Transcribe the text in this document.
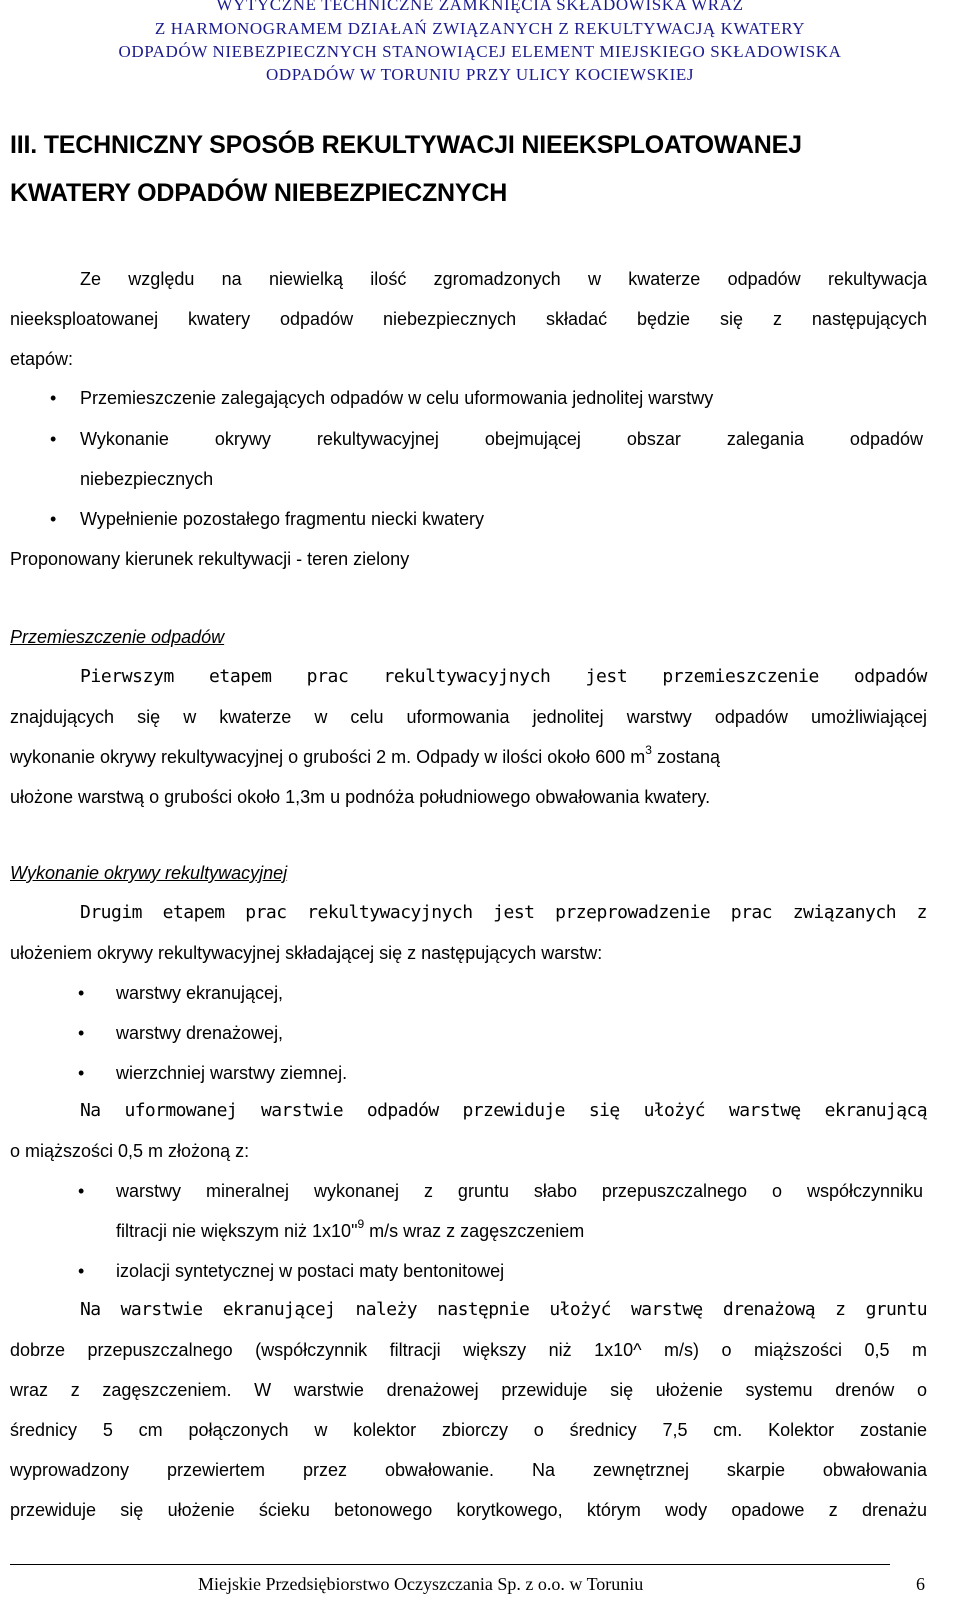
WYTYCZNE TECHNICZNE ZAMKNIĘCIA SKŁADOWISKA WRAZ
Z HARMONOGRAMEM DZIAŁAŃ ZWIĄZANYCH Z REKULTYWACJĄ KWATERY
ODPADÓW NIEBEZPIECZNYCH STANOWIĄCEJ ELEMENT MIEJSKIEGO SKŁADOWISKA
ODPADÓW W TORUNIU PRZY ULICY KOCIEWSKIEJ
III. TECHNICZNY SPOSÓB REKULTYWACJI NIEEKSPLOATOWANEJ
KWATERY ODPADÓW NIEBEZPIECZNYCH
Ze względu na niewielką ilość zgromadzonych w kwaterze odpadów rekultywacja
nieeksploatowanej kwatery odpadów niebezpiecznych składać będzie się z następujących
etapów:
• Przemieszczenie zalegających odpadów w celu uformowania jednolitej warstwy
• Wykonanie okrywy rekultywacyjnej obejmującej obszar zalegania odpadów
niebezpiecznych
• Wypełnienie pozostałego fragmentu niecki kwatery
Proponowany kierunek rekultywacji - teren zielony
Przemieszczenie odpadów
Pierwszym etapem prac rekultywacyjnych jest przemieszczenie odpadów
znajdujących się w kwaterze w celu uformowania jednolitej warstwy odpadów umożliwiającej
wykonanie okrywy rekultywacyjnej o grubości 2 m. Odpady w ilości około 600 $m^3$ zostaną
ułożone warstwą o grubości około 1,3m u podnóża południowego obwałowania kwatery.
Wykonanie okrywy rekultywacyjnej
Drugim etapem prac rekultywacyjnych jest przeprowadzenie prac związanych z
ułożeniem okrywy rekultywacyjnej składającej się z następujących warstw:
• warstwy ekranującej,
• warstwy drenażowej,
• wierzchniej warstwy ziemnej.
Na uformowanej warstwie odpadów przewiduje się ułożyć warstwę ekranującą
o miąższości 0,5 m złożoną z:
• warstwy mineralnej wykonanej z gruntu słabo przepuszczalnego o współczynniku
filtracji nie większym niż 1x10"$^9$ m/s wraz z zagęszczeniem
• izolacji syntetycznej w postaci maty bentonitowej
Na warstwie ekranującej należy następnie ułożyć warstwę drenażową z gruntu
dobrze przepuszczalnego (współczynnik filtracji większy niż 1x10^ m/s) o miąższości 0,5 m
wraz z zagęszczeniem. W warstwie drenażowej przewiduje się ułożenie systemu drenów o
średnicy 5 cm połączonych w kolektor zbiorczy o średnicy 7,5 cm. Kolektor zostanie
wyprowadzony przewiertem przez obwałowanie. Na zewnętrznej skarpie obwałowania
przewiduje się ułożenie ścieku betonowego korytkowego, którym wody opadowe z drenażu
Miejskie Przedsiębiorstwo Oczyszczania Sp. z o.o. w Toruniu	6
